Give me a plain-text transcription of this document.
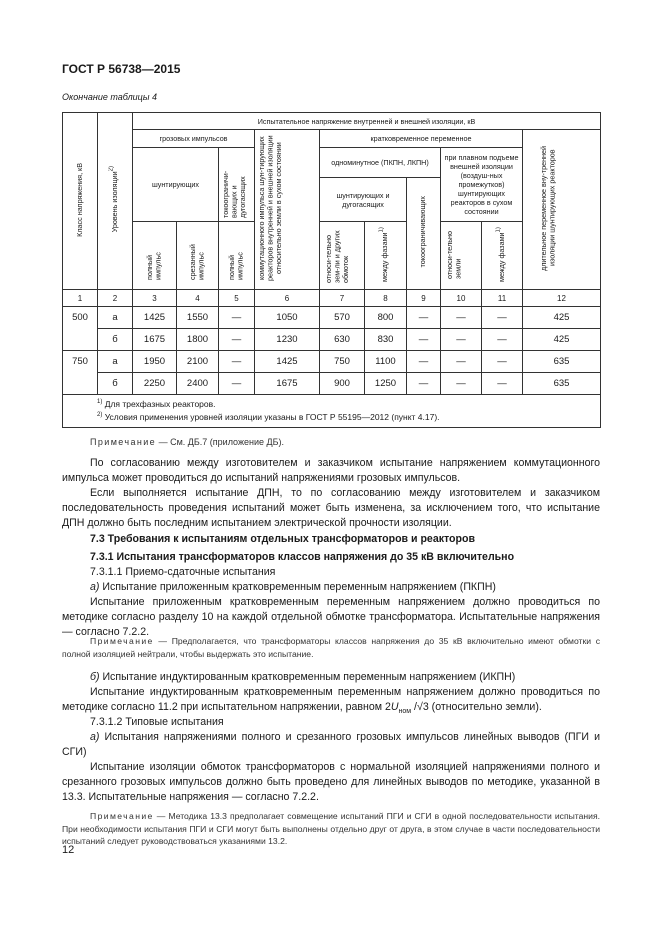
ГОСТ Р 56738—2015
Окончание таблицы 4
Класс напряжения, кВ	Уровень изоляции$^{2)}$	Испытательное напряжение внутренней и внешней изоляции, кВ									
		грозовых импульсов			коммутационного импульса шун-тирующих реакторов внутренней и внешней изоляции относительно земли в сухом состоянии	кратковременное переменное					длительное переменное вну-тренней изоляции шунтирующих реакторов
		шунтирующих		токоограничи-вающих и дугогасящих		одноминутное (ПКПН, ЛКПН)			при плавном подъеме внешней изоляции (воздуш-ных промежутков) шунтирующих реакторов в сухом состоянии		
						шунтирующих и дугогасящих		токоограничивающих			
		полный импульс	срезанный импульс	полный импульс		относи-тельно зем-ли и других обмоток	между фазами$^{1)}$		относи-тельно земли	между фазами$^{1)}$
1	2	3	4	5	6	7	8	9	10	11	12
500	а	1425	1550	—	1050	570	800	—	—	—	425
	б	1675	1800	—	1230	630	830	—	—	—	425
750	а	1950	2100	—	1425	750	1100	—	—	—	635
	б	2250	2400	—	1675	900	1250	—	—	—	635

$^{1)}$ Для трехфазных реакторов.
$^{2)}$ Условия применения уровней изоляции указаны в ГОСТ Р 55195—2012 (пункт 4.17).											
Примечание — См. ДБ.7 (приложение ДБ).
По согласованию между изготовителем и заказчиком испытание напряжением коммутационного импульса может проводиться до испытаний напряжениями грозовых импульсов.
Если выполняется испытание ДПН, то по согласованию между изготовителем и заказчиком последовательность проведения испытаний может быть изменена, за исключением того, что испытание ДПН должно быть последним испытанием электрической прочности изоляции.
7.3 Требования к испытаниям отдельных трансформаторов и реакторов
7.3.1 Испытания трансформаторов классов напряжения до 35 кВ включительно
7.3.1.1 Приемо-сдаточные испытания
а) Испытание приложенным кратковременным переменным напряжением (ПКПН)
Испытание приложенным кратковременным переменным напряжением должно проводиться по методике согласно разделу 10 на каждой отдельной обмотке трансформатора. Испытательные напряжения — согласно 7.2.2.
Примечание — Предполагается, что трансформаторы классов напряжения до 35 кВ включительно имеют обмотки с полной изоляцией нейтрали, чтобы выдержать это испытание.
б) Испытание индуктированным кратковременным переменным напряжением (ИКПН)
Испытание индуктированным кратковременным переменным напряжением должно проводиться по методике согласно 11.2 при испытательном напряжении, равном $2U_{ном}$ /√3 (относительно земли).
7.3.1.2 Типовые испытания
а) Испытания напряжениями полного и срезанного грозовых импульсов линейных выводов (ПГИ и СГИ)
Испытание изоляции обмоток трансформаторов с нормальной изоляцией напряжениями полного и срезанного грозовых импульсов должно быть проведено для линейных выводов по методике, указанной в 13.3. Испытательные напряжения — согласно 7.2.2.
Примечание — Методика 13.3 предполагает совмещение испытаний ПГИ и СГИ в одной последовательности испытания. При необходимости испытания ПГИ и СГИ могут быть выполнены отдельно друг от друга, в этом случае в части последовательности испытаний следует руководствоваться указаниями 13.2.
12
